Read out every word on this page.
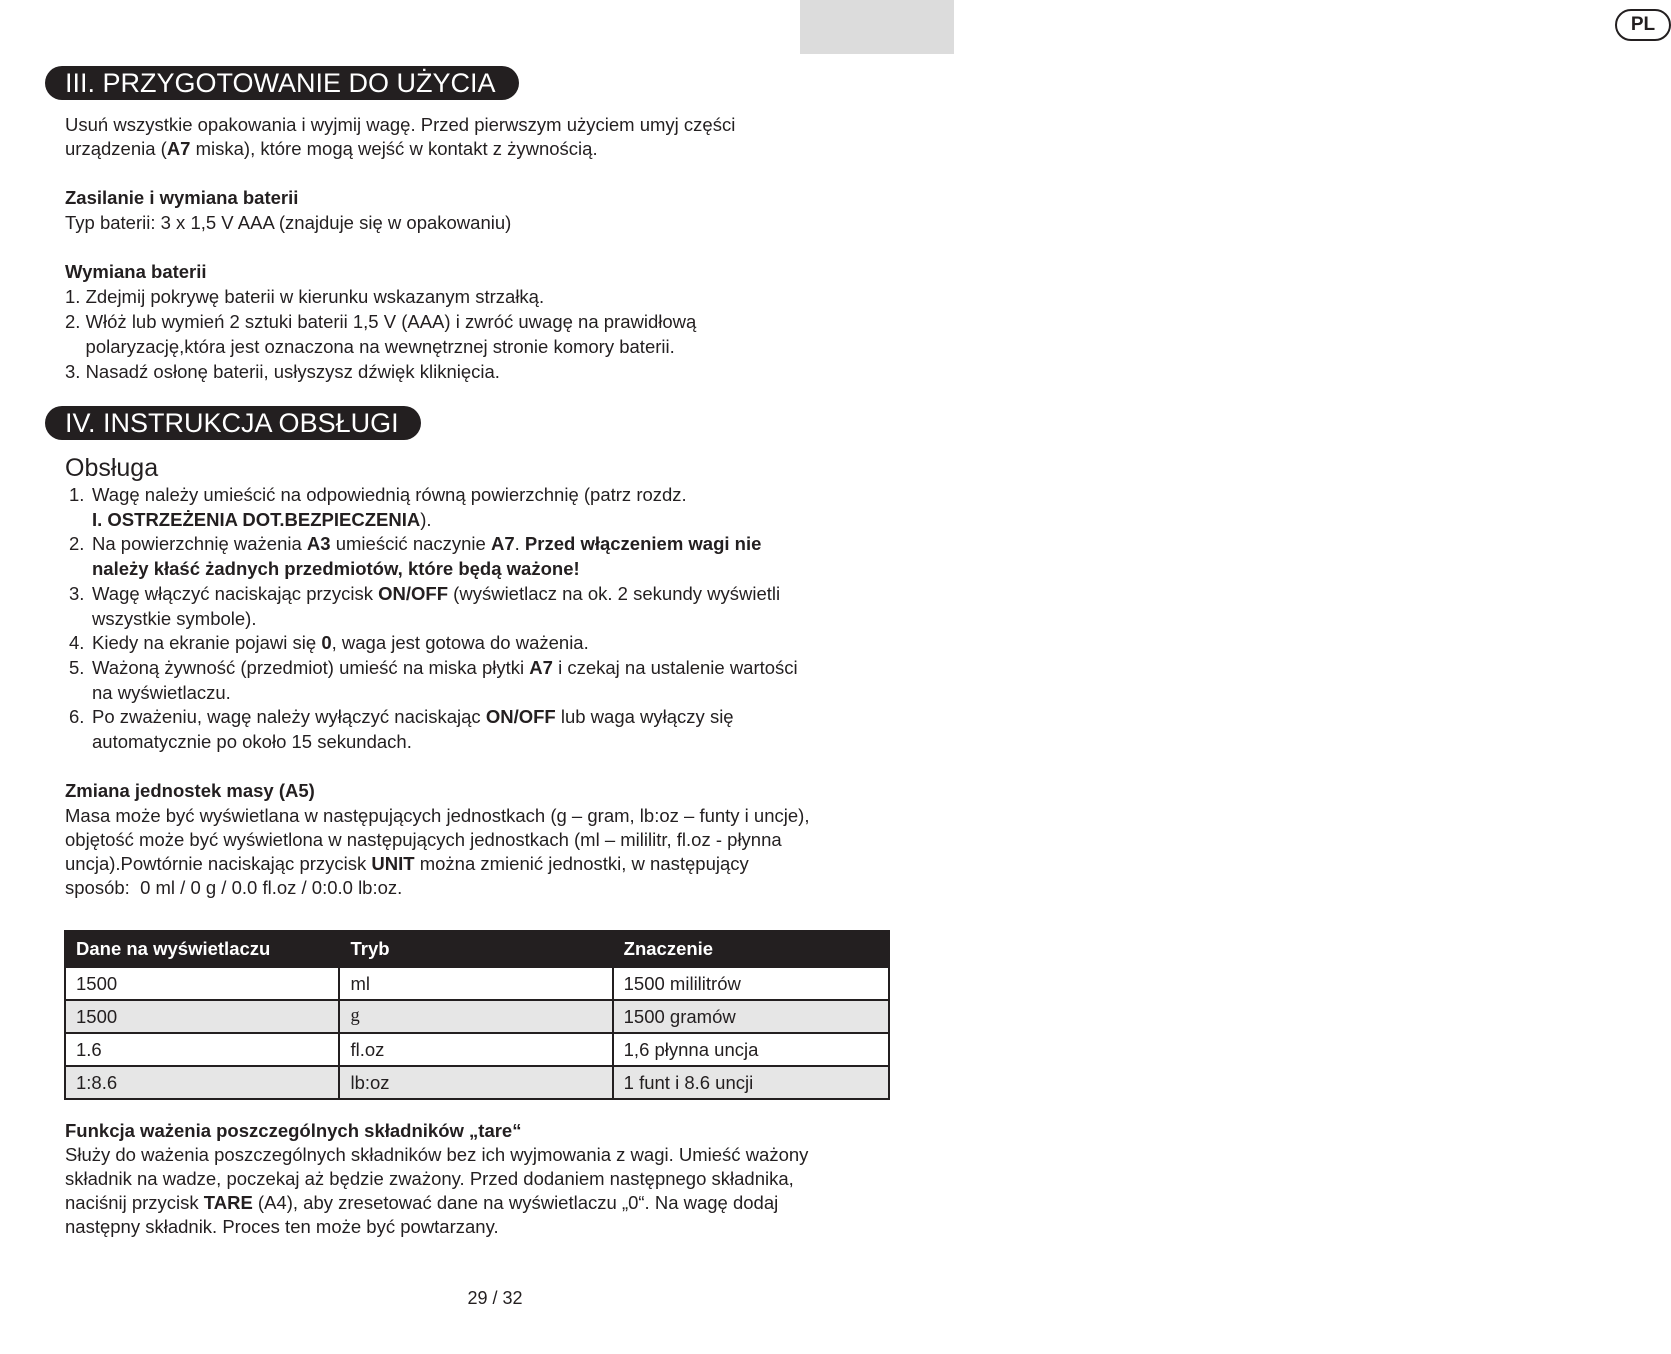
PL
III. PRZYGOTOWANIE DO UŻYCIA
Usuń wszystkie opakowania i wyjmij wagę. Przed pierwszym użyciem umyj części
urządzenia (A7 miska), które mogą wejść w kontakt z żywnością.
Zasilanie i wymiana baterii
Typ baterii: 3 x 1,5 V AAA (znajduje się w opakowaniu)
Wymiana baterii
1. Zdejmij pokrywę baterii w kierunku wskazanym strzałką.
2. Włóż lub wymień 2 sztuki baterii 1,5 V (AAA) i zwróć uwagę na prawidłową
polaryzację,która jest oznaczona na wewnętrznej stronie komory baterii.
3. Nasadź osłonę baterii, usłyszysz dźwięk kliknięcia.
IV. INSTRUKCJA OBSŁUGI
Obsługa
1. Wagę należy umieścić na odpowiednią równą powierzchnię (patrz rozdz.
I. OSTRZEŻENIA DOT.BEZPIECZENIA).
2. Na powierzchnię ważenia A3 umieścić naczynie A7. Przed włączeniem wagi nie
należy kłaść żadnych przedmiotów, które będą ważone!
3. Wagę włączyć naciskając przycisk ON/OFF (wyświetlacz na ok. 2 sekundy wyświetli
wszystkie symbole).
4. Kiedy na ekranie pojawi się 0, waga jest gotowa do ważenia.
5. Ważoną żywność (przedmiot) umieść na miska płytki A7 i czekaj na ustalenie wartości
na wyświetlaczu.
6. Po zważeniu, wagę należy wyłączyć naciskając ON/OFF lub waga wyłączy się
automatycznie po około 15 sekundach.
Zmiana jednostek masy (A5)
Masa może być wyświetlana w następujących jednostkach (g – gram, lb:oz – funty i uncje),
objętość może być wyświetlona w następujących jednostkach (ml – mililitr, fl.oz - płynna
uncja).Powtórnie naciskając przycisk UNIT można zmienić jednostki, w następujący
sposób:  0 ml / 0 g / 0.0 fl.oz / 0:0.0 lb:oz.
Dane na wyświetlaczu	Tryb	Znaczenie
1500	ml	1500 mililitrów
1500	g	1500 gramów
1.6	fl.oz	1,6 płynna uncja
1:8.6	lb:oz	1 funt i 8.6 uncji
Funkcja ważenia poszczególnych składników „tare“
Służy do ważenia poszczególnych składników bez ich wyjmowania z wagi. Umieść ważony
składnik na wadze, poczekaj aż będzie zważony. Przed dodaniem następnego składnika,
naciśnij przycisk TARE (A4), aby zresetować dane na wyświetlaczu „0“. Na wagę dodaj
następny składnik. Proces ten może być powtarzany.
29 / 32
